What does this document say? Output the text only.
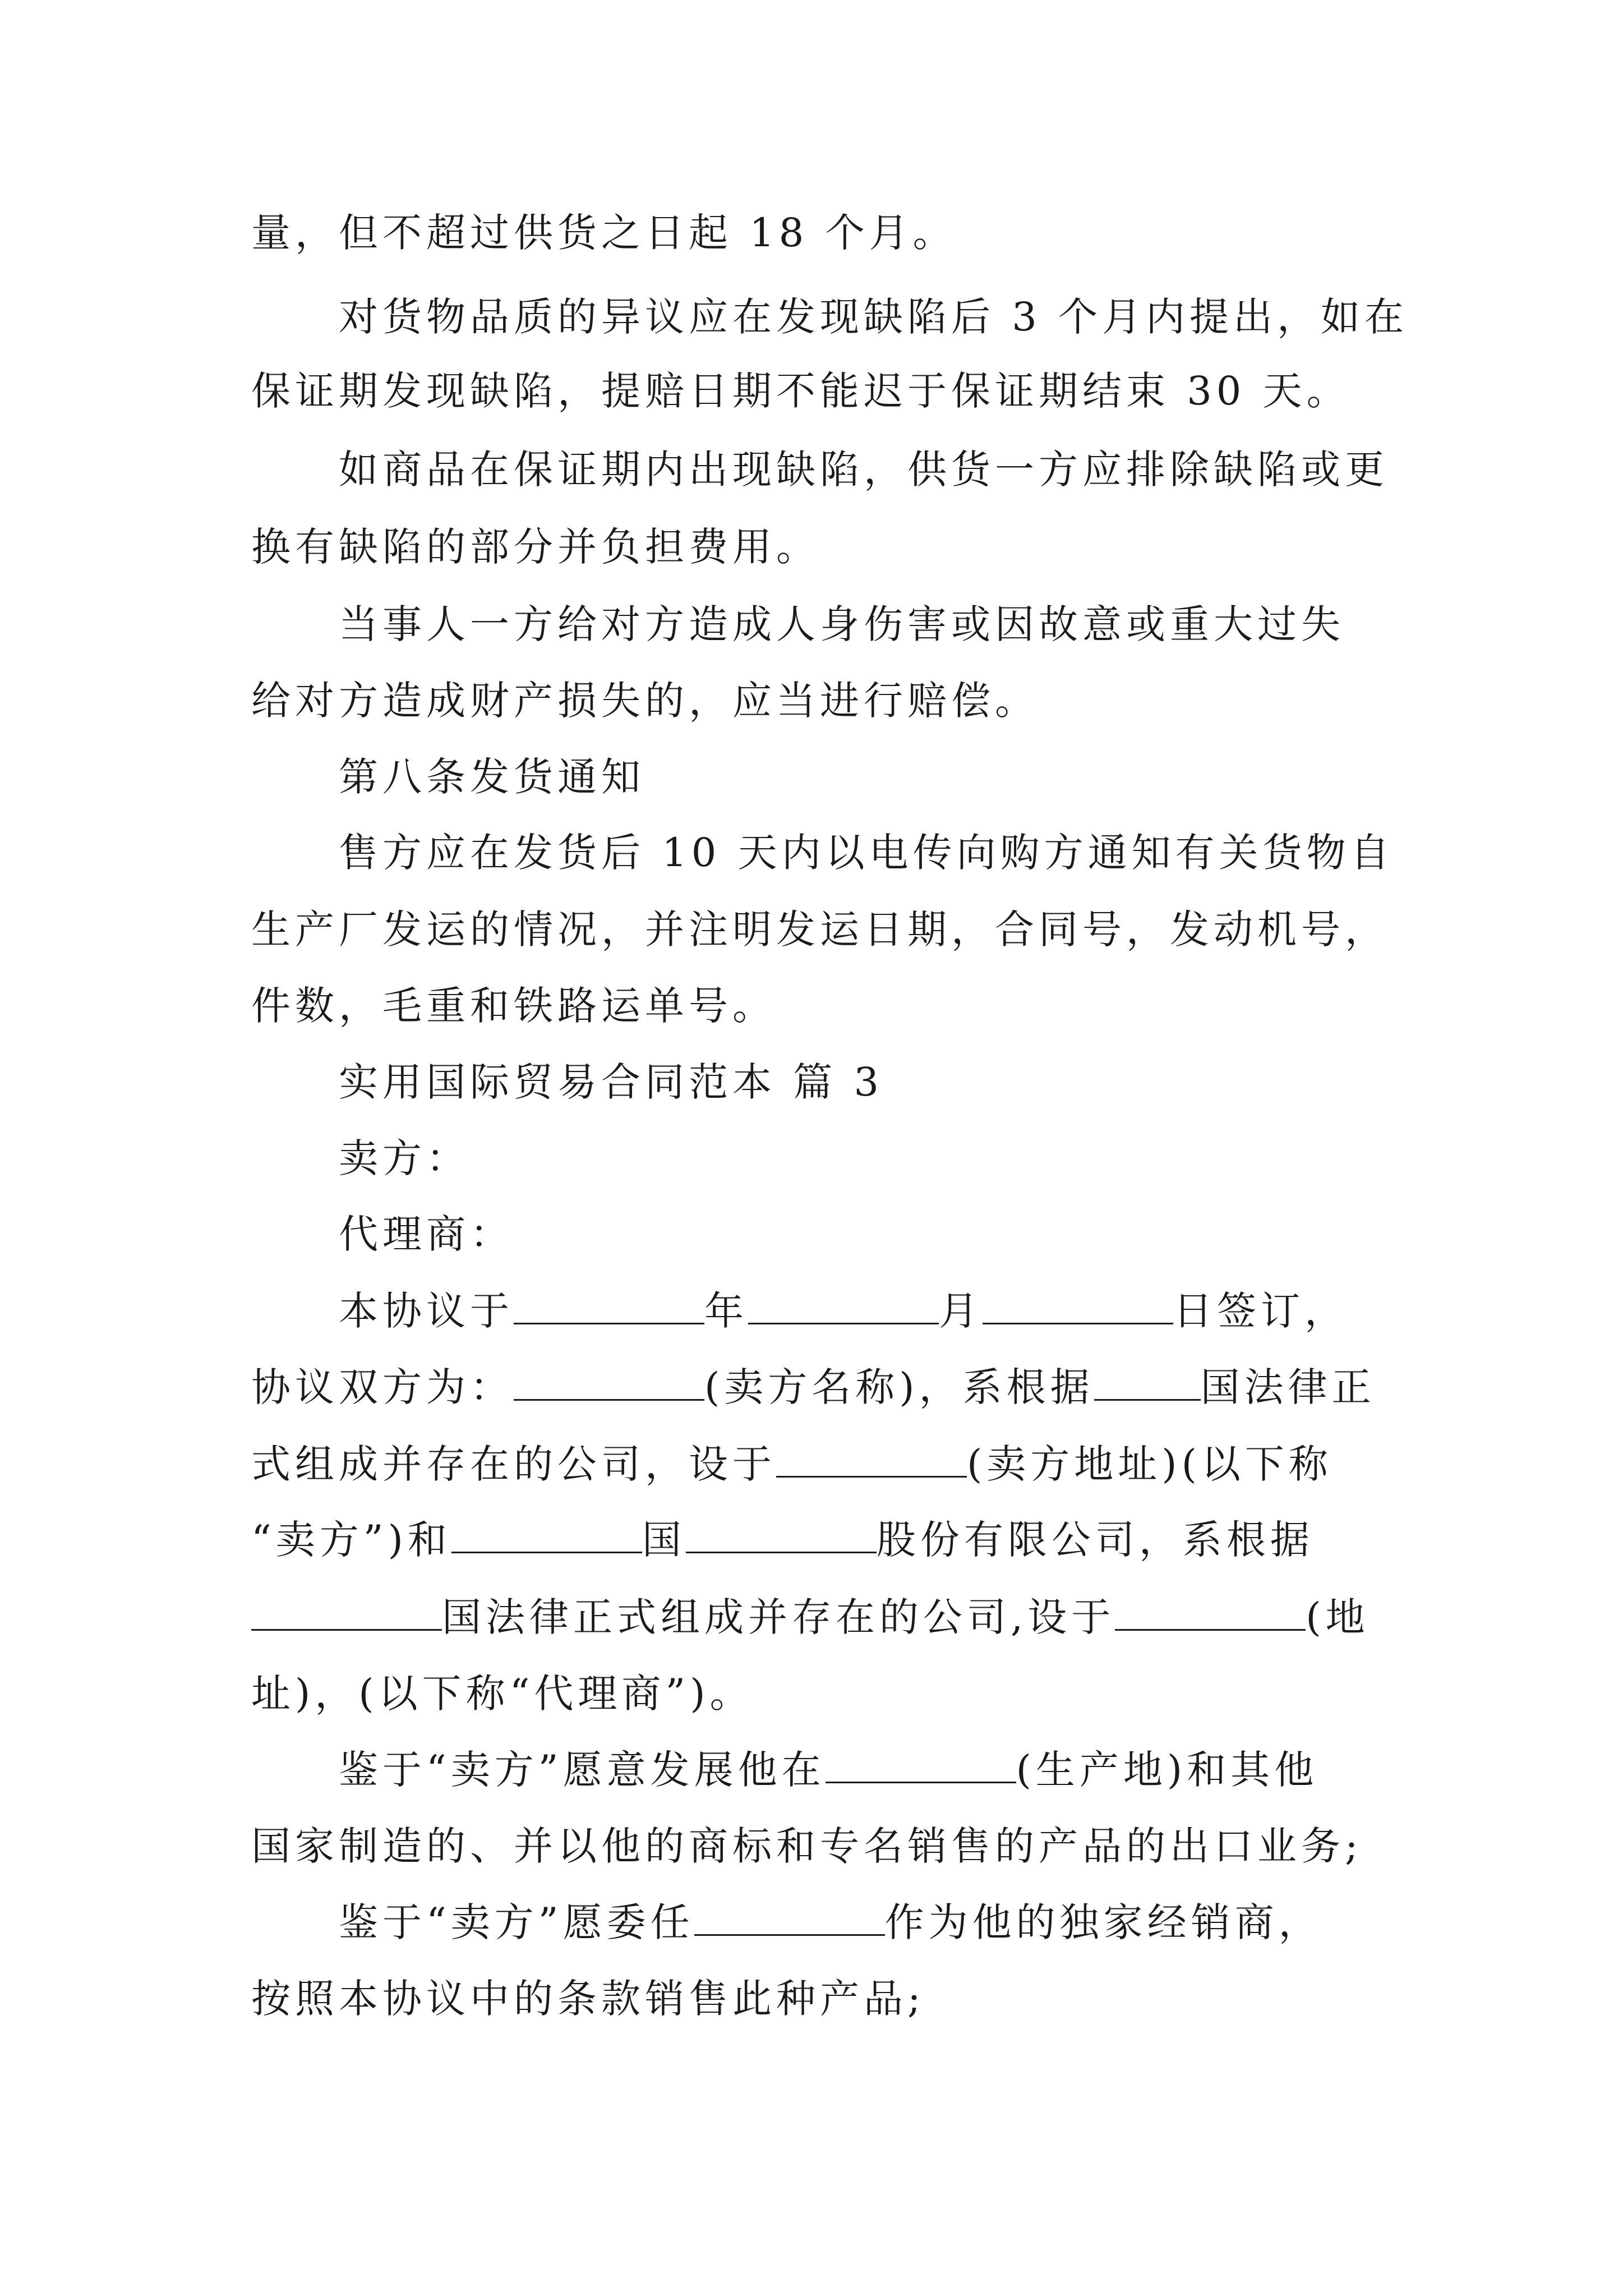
量，但不超过供货之日起 18 个月。
对货物品质的异议应在发现缺陷后 3 个月内提出，如在
保证期发现缺陷，提赔日期不能迟于保证期结束 30 天。
如商品在保证期内出现缺陷，供货一方应排除缺陷或更
换有缺陷的部分并负担费用。
当事人一方给对方造成人身伤害或因故意或重大过失
给对方造成财产损失的，应当进行赔偿。
第八条发货通知
售方应在发货后 10 天内以电传向购方通知有关货物自
生产厂发运的情况，并注明发运日期，合同号，发动机号，
件数，毛重和铁路运单号。
实用国际贸易合同范本 篇 3
卖方：
代理商：
本协议于	年	月	日签订，
协议双方为：	(卖方名称)，系根据	国法律正
式组成并存在的公司，设于	(卖方地址)(以下称
“卖方”)和	国	股份有限公司，系根据
国法律正式组成并存在的公司,设于	(地
址)，(以下称“代理商”)。
鉴于“卖方”愿意发展他在	(生产地)和其他
国家制造的、并以他的商标和专名销售的产品的出口业务;
鉴于“卖方”愿委任	作为他的独家经销商，
按照本协议中的条款销售此种产品;
